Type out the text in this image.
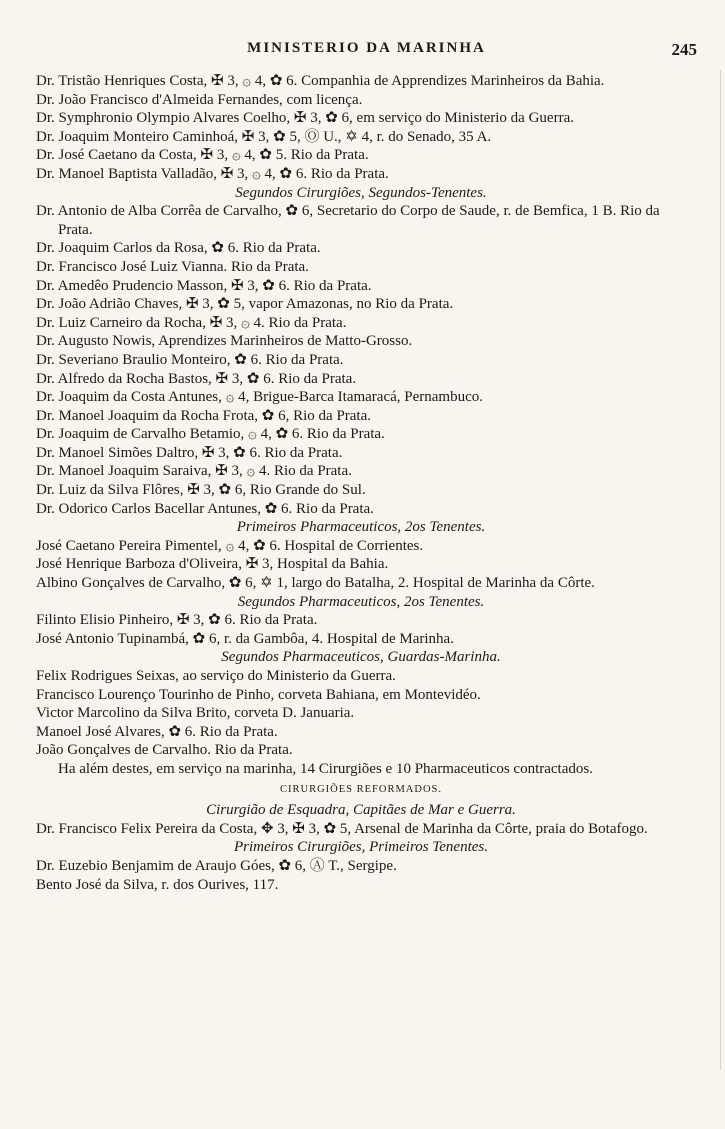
MINISTERIO DA MARINHA	245

Dr. Tristão Henriques Costa, ✠ 3, ۞ 4, ✿ 6. Companhia de Apprendizes Marinheiros da Bahia.

Dr. João Francisco d'Almeida Fernandes, com licença.

Dr. Symphronio Olympio Alvares Coelho, ✠ 3, ✿ 6, em serviço do Ministerio da Guerra.

Dr. Joaquim Monteiro Caminhoá, ✠ 3, ✿ 5, Ⓞ U., ✡ 4, r. do Senado, 35 A.

Dr. José Caetano da Costa, ✠ 3, ۞ 4, ✿ 5. Rio da Prata.

Dr. Manoel Baptista Valladão, ✠ 3, ۞ 4, ✿ 6. Rio da Prata.

Segundos Cirurgiões, Segundos-Tenentes.

Dr. Antonio de Alba Corrêa de Carvalho, ✿ 6, Secretario do Corpo de Saude, r. de Bemfica, 1 B. Rio da Prata.

Dr. Joaquim Carlos da Rosa, ✿ 6. Rio da Prata.

Dr. Francisco José Luiz Vianna. Rio da Prata.

Dr. Amedêo Prudencio Masson, ✠ 3, ✿ 6. Rio da Prata.

Dr. João Adrião Chaves, ✠ 3, ✿ 5, vapor Amazonas, no Rio da Prata.

Dr. Luiz Carneiro da Rocha, ✠ 3, ۞ 4. Rio da Prata.

Dr. Augusto Nowis, Aprendizes Marinheiros de Matto-Grosso.

Dr. Severiano Braulio Monteiro, ✿ 6. Rio da Prata.

Dr. Alfredo da Rocha Bastos, ✠ 3, ✿ 6. Rio da Prata.

Dr. Joaquim da Costa Antunes, ۞ 4, Brigue-Barca Itamaracá, Pernambuco.

Dr. Manoel Joaquim da Rocha Frota, ✿ 6, Rio da Prata.

Dr. Joaquim de Carvalho Betamio, ۞ 4, ✿ 6. Rio da Prata.

Dr. Manoel Simões Daltro, ✠ 3, ✿ 6. Rio da Prata.

Dr. Manoel Joaquim Saraiva, ✠ 3, ۞ 4. Rio da Prata.

Dr. Luiz da Silva Flôres, ✠ 3, ✿ 6, Rio Grande do Sul.

Dr. Odorico Carlos Bacellar Antunes, ✿ 6. Rio da Prata.

Primeiros Pharmaceuticos, 2os Tenentes.

José Caetano Pereira Pimentel, ۞ 4, ✿ 6. Hospital de Corrientes.

José Henrique Barboza d'Oliveira, ✠ 3, Hospital da Bahia.

Albino Gonçalves de Carvalho, ✿ 6, ✡ 1, largo do Batalha, 2. Hospital de Marinha da Côrte.

Segundos Pharmaceuticos, 2os Tenentes.

Filinto Elisio Pinheiro, ✠ 3, ✿ 6. Rio da Prata.

José Antonio Tupinambá, ✿ 6, r. da Gambôa, 4. Hospital de Marinha.

Segundos Pharmaceuticos, Guardas-Marinha.

Felix Rodrigues Seixas, ao serviço do Ministerio da Guerra.

Francisco Lourenço Tourinho de Pinho, corveta Bahiana, em Montevidéo.

Victor Marcolino da Silva Brito, corveta D. Januaria.

Manoel José Alvares, ✿ 6. Rio da Prata.

João Gonçalves de Carvalho. Rio da Prata.

Ha além destes, em serviço na marinha, 14 Cirurgiões e 10 Pharmaceuticos contractados.

CIRURGIÕES REFORMADOS.

Cirurgião de Esquadra, Capitães de Mar e Guerra.

Dr. Francisco Felix Pereira da Costa, ✥ 3, ✠ 3, ✿ 5, Arsenal de Marinha da Côrte, praia do Botafogo.

Primeiros Cirurgiões, Primeiros Tenentes.

Dr. Euzebio Benjamim de Araujo Góes, ✿ 6, Ⓐ T., Sergipe.

Bento José da Silva, r. dos Ourives, 117.
